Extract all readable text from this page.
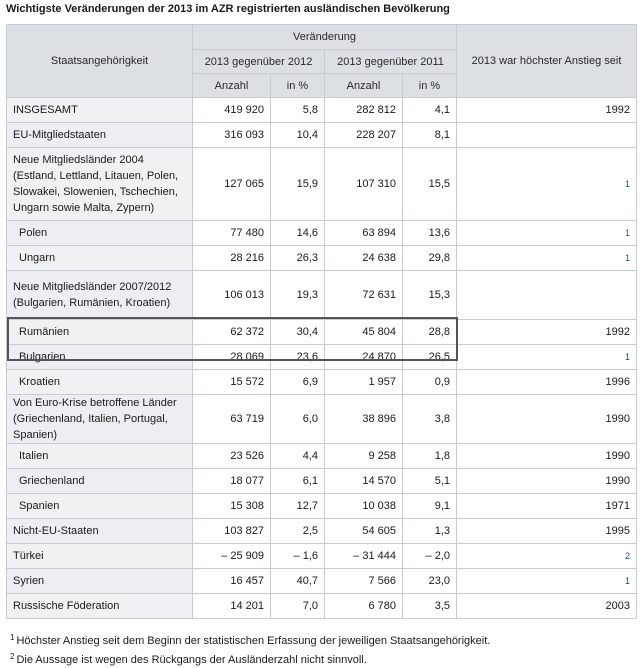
Wichtigste Veränderungen der 2013 im AZR registrierten ausländischen Bevölkerung
Staatsangehörigkeit	Veränderung				2013 war höchster Anstieg seit
	2013 gegenüber 2012		2013 gegenüber 2011		
	Anzahl	in %	Anzahl	in %	
INSGESAMT	419 920	5,8	282 812	4,1	1992
EU-Mitgliedstaaten	316 093	10,4	228 207	8,1	
Neue Mitgliedsländer 2004 (Estland, Lettland, Litauen, Polen, Slowakei, Slowenien, Tschechien, Ungarn sowie Malta, Zypern)	127 065	15,9	107 310	15,5	1
Polen	77 480	14,6	63 894	13,6	1
Ungarn	28 216	26,3	24 638	29,8	1
Neue Mitgliedsländer 2007/2012 (Bulgarien, Rumänien, Kroatien)	106 013	19,3	72 631	15,3	
Rumänien	62 372	30,4	45 804	28,8	1992
Bulgarien	28 069	23,6	24 870	26,5	1
Kroatien	15 572	6,9	1 957	0,9	1996
Von Euro-Krise betroffene Länder (Griechenland, Italien, Portugal, Spanien)	63 719	6,0	38 896	3,8	1990
Italien	23 526	4,4	9 258	1,8	1990
Griechenland	18 077	6,1	14 570	5,1	1990
Spanien	15 308	12,7	10 038	9,1	1971
Nicht-EU-Staaten	103 827	2,5	54 605	1,3	1995
Türkei	– 25 909	– 1,6	– 31 444	– 2,0	2
Syrien	16 457	40,7	7 566	23,0	1
Russische Föderation	14 201	7,0	6 780	3,5	2003
$^1$ Höchster Anstieg seit dem Beginn der statistischen Erfassung der jeweiligen Staatsangehörigkeit.
$^2$ Die Aussage ist wegen des Rückgangs der Ausländerzahl nicht sinnvoll.
